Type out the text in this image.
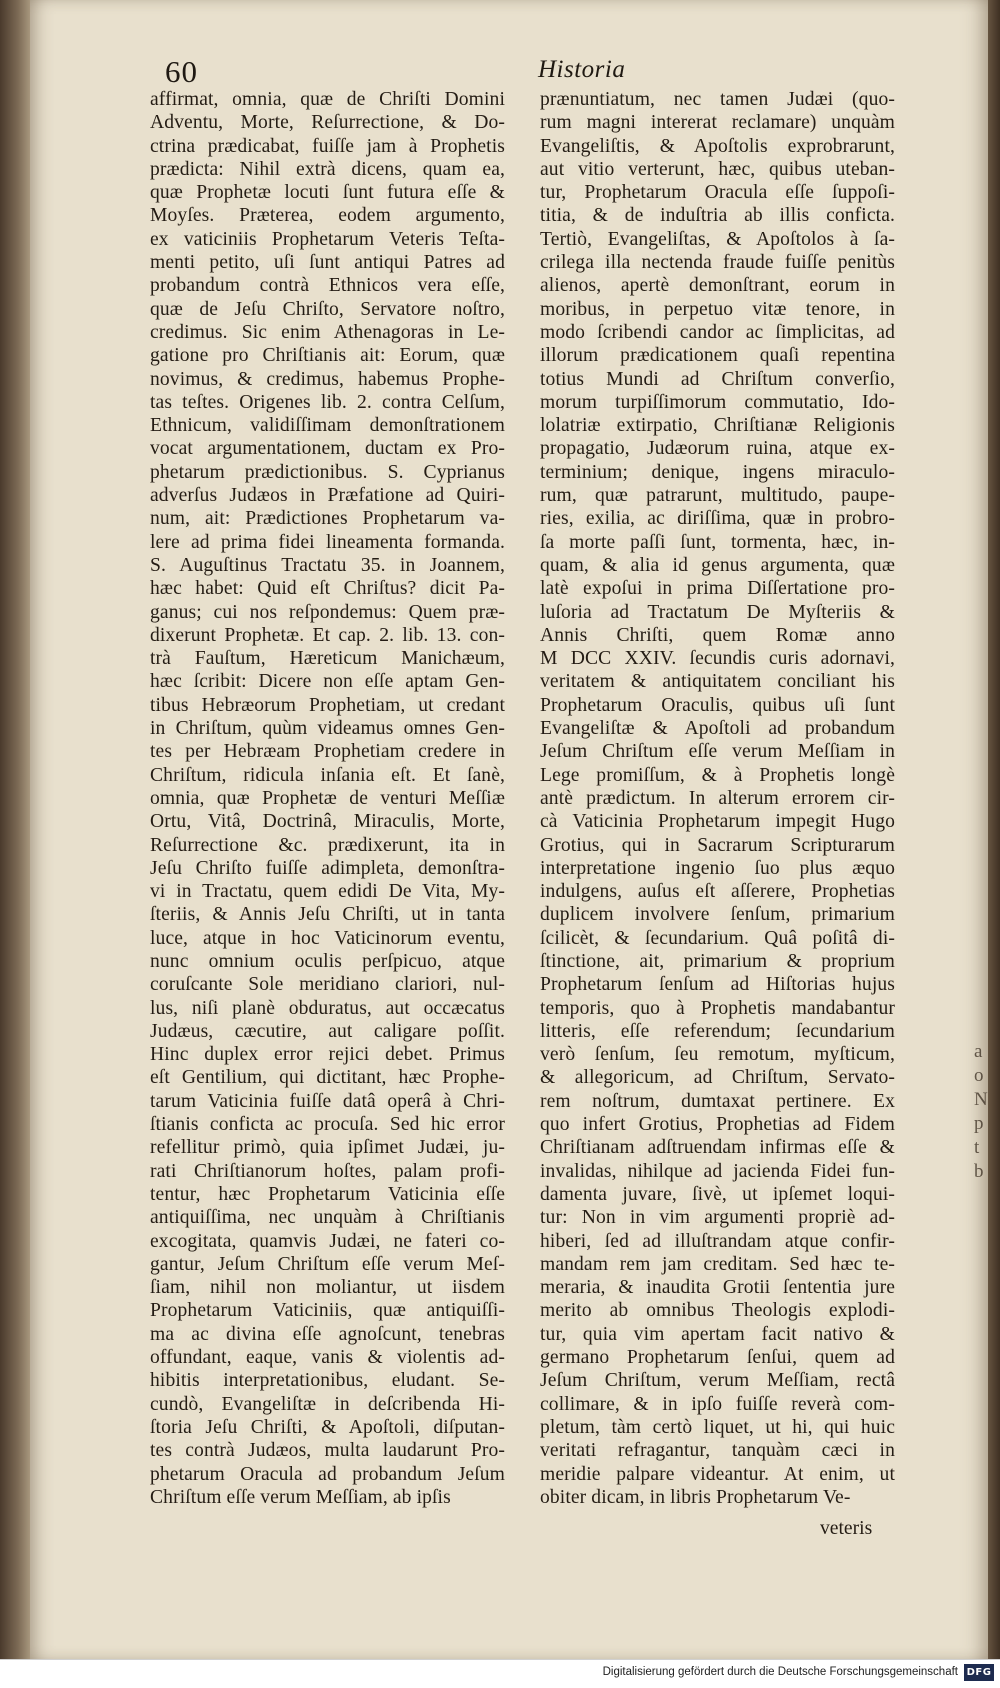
60	Historia
affirmat, omnia, quæ de Chriſti Domini
Adventu, Morte, Reſurrectione, & Do-
ctrina prædicabat, fuiſſe jam à Prophetis
prædicta: Nihil extrà dicens, quam ea,
quæ Prophetæ locuti ſunt futura eſſe &
Moyſes. Præterea, eodem argumento,
ex vaticiniis Prophetarum Veteris Teſta-
menti petito, uſi ſunt antiqui Patres ad
probandum contrà Ethnicos vera eſſe,
quæ de Jeſu Chriſto, Servatore noſtro,
credimus. Sic enim Athenagoras in Le-
gatione pro Chriſtianis ait: Eorum, quæ
novimus, & credimus, habemus Prophe-
tas teſtes. Origenes lib. 2. contra Celſum,
Ethnicum, validiſſimam demonſtrationem
vocat argumentationem, ductam ex Pro-
phetarum prædictionibus. S. Cyprianus
adverſus Judæos in Præfatione ad Quiri-
num, ait: Prædictiones Prophetarum va-
lere ad prima fidei lineamenta formanda.
S. Auguſtinus Tractatu 35. in Joannem,
hæc habet: Quid eſt Chriſtus? dicit Pa-
ganus; cui nos reſpondemus: Quem præ-
dixerunt Prophetæ. Et cap. 2. lib. 13. con-
trà Fauſtum, Hæreticum Manichæum,
hæc ſcribit: Dicere non eſſe aptam Gen-
tibus Hebræorum Prophetiam, ut credant
in Chriſtum, quùm videamus omnes Gen-
tes per Hebræam Prophetiam credere in
Chriſtum, ridicula inſania eſt. Et ſanè,
omnia, quæ Prophetæ de venturi Meſſiæ
Ortu, Vitâ, Doctrinâ, Miraculis, Morte,
Reſurrectione &c. prædixerunt, ita in
Jeſu Chriſto fuiſſe adimpleta, demonſtra-
vi in Tractatu, quem edidi De Vita, My-
ſteriis, & Annis Jeſu Chriſti, ut in tanta
luce, atque in hoc Vaticinorum eventu,
nunc omnium oculis perſpicuo, atque
coruſcante Sole meridiano clariori, nul-
lus, niſi planè obduratus, aut occæcatus
Judæus, cæcutire, aut caligare poſſit.
Hinc duplex error rejici debet. Primus
eſt Gentilium, qui dictitant, hæc Prophe-
tarum Vaticinia fuiſſe datâ operâ à Chri-
ſtianis conficta ac procuſa. Sed hic error
refellitur primò, quia ipſimet Judæi, ju-
rati Chriſtianorum hoſtes, palam profi-
tentur, hæc Prophetarum Vaticinia eſſe
antiquiſſima, nec unquàm à Chriſtianis
excogitata, quamvis Judæi, ne fateri co-
gantur, Jeſum Chriſtum eſſe verum Meſ-
ſiam, nihil non moliantur, ut iisdem
Prophetarum Vaticiniis, quæ antiquiſſi-
ma ac divina eſſe agnoſcunt, tenebras
offundant, eaque, vanis & violentis ad-
hibitis interpretationibus, eludant. Se-
cundò, Evangeliſtæ in deſcribenda Hi-
ſtoria Jeſu Chriſti, & Apoſtoli, diſputan-
tes contrà Judæos, multa laudarunt Pro-
phetarum Oracula ad probandum Jeſum
Chriſtum eſſe verum Meſſiam, ab ipſis
prænuntiatum, nec tamen Judæi (quo-
rum magni intererat reclamare) unquàm
Evangeliſtis, & Apoſtolis exprobrarunt,
aut vitio verterunt, hæc, quibus uteban-
tur, Prophetarum Oracula eſſe ſuppoſi-
titia, & de induſtria ab illis conficta.
Tertiò, Evangeliſtas, & Apoſtolos à ſa-
crilega illa nectenda fraude fuiſſe penitùs
alienos, apertè demonſtrant, eorum in
moribus, in perpetuo vitæ tenore, in
modo ſcribendi candor ac ſimplicitas, ad
illorum prædicationem quaſi repentina
totius Mundi ad Chriſtum converſio,
morum turpiſſimorum commutatio, Ido-
lolatriæ extirpatio, Chriſtianæ Religionis
propagatio, Judæorum ruina, atque ex-
terminium; denique, ingens miraculo-
rum, quæ patrarunt, multitudo, paupe-
ries, exilia, ac diriſſima, quæ in probro-
ſa morte paſſi ſunt, tormenta, hæc, in-
quam, & alia id genus argumenta, quæ
latè expoſui in prima Diſſertatione pro-
luſoria ad Tractatum De Myſteriis &
Annis Chriſti, quem Romæ anno
M DCC XXIV. ſecundis curis adornavi,
veritatem & antiquitatem conciliant his
Prophetarum Oraculis, quibus uſi ſunt
Evangeliſtæ & Apoſtoli ad probandum
Jeſum Chriſtum eſſe verum Meſſiam in
Lege promiſſum, & à Prophetis longè
antè prædictum. In alterum errorem cir-
cà Vaticinia Prophetarum impegit Hugo
Grotius, qui in Sacrarum Scripturarum
interpretatione ingenio ſuo plus æquo
indulgens, auſus eſt aſſerere, Prophetias
duplicem involvere ſenſum, primarium
ſcilicèt, & ſecundarium. Quâ poſitâ di-
ſtinctione, ait, primarium & proprium
Prophetarum ſenſum ad Hiſtorias hujus
temporis, quo à Prophetis mandabantur
litteris, eſſe referendum; ſecundarium
verò ſenſum, ſeu remotum, myſticum,
& allegoricum, ad Chriſtum, Servato-
rem noſtrum, dumtaxat pertinere. Ex
quo infert Grotius, Prophetias ad Fidem
Chriſtianam adſtruendam infirmas eſſe &
invalidas, nihilque ad jacienda Fidei fun-
damenta juvare, ſivè, ut ipſemet loqui-
tur: Non in vim argumenti propriè ad-
hiberi, ſed ad illuſtrandam atque confir-
mandam rem jam creditam. Sed hæc te-
meraria, & inaudita Grotii ſententia jure
merito ab omnibus Theologis explodi-
tur, quia vim apertam facit nativo &
germano Prophetarum ſenſui, quem ad
Jeſum Chriſtum, verum Meſſiam, rectâ
collimare, & in ipſo fuiſſe reverà com-
pletum, tàm certò liquet, ut hi, qui huic
veritati refragantur, tanquàm cæci in
meridie palpare videantur. At enim, ut
obiter dicam, in libris Prophetarum Ve-
veteris
a
o
N
p
t
b
Digitalisierung gefördert durch die Deutsche Forschungsgemeinschaft DFG
